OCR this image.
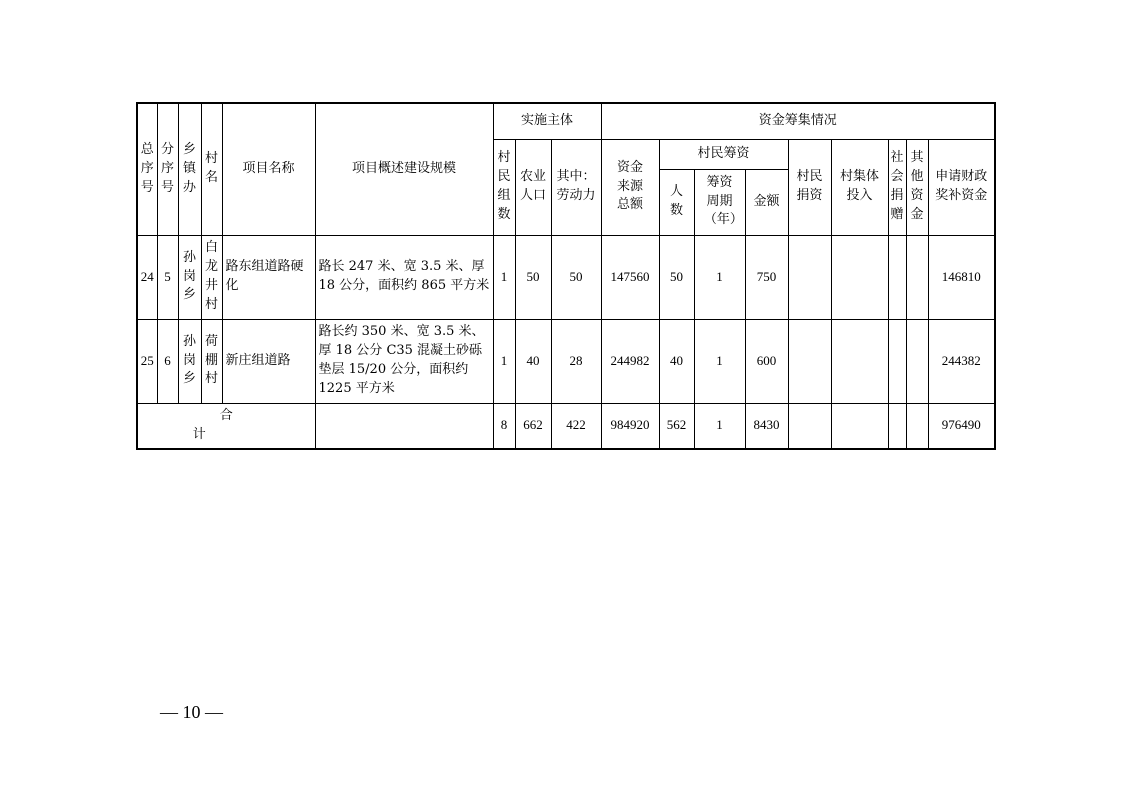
总序号	分序号	乡镇办	村名	项目名称	项目概述建设规模	实施主体			资金筹集情况								
						村民组数	农业人口	其中：劳动力	资金来源总额	村民筹资			村民捐资	村集体投入	社会捐赠	其他资金	申请财政奖补资金
										人数	筹资周期（年）	金额					
24	5	孙岗乡	白龙井村	路东组道路硬化	路长 247 米、宽 3.5 米、厚 18 公分，面积约 865 平方米	1	50	50	147560	50	1	750					146810
25	6	孙岗乡	荷棚村	新庄组道路	路长约 350 米、宽 3.5 米、厚 18 公分 C35 混凝土砂砾垫层 15/20 公分，面积约 1225 平方米	1	40	28	244982	40	1	600					244382
合计						8	662	422	984920	562	1	8430					976490
— 10 —
